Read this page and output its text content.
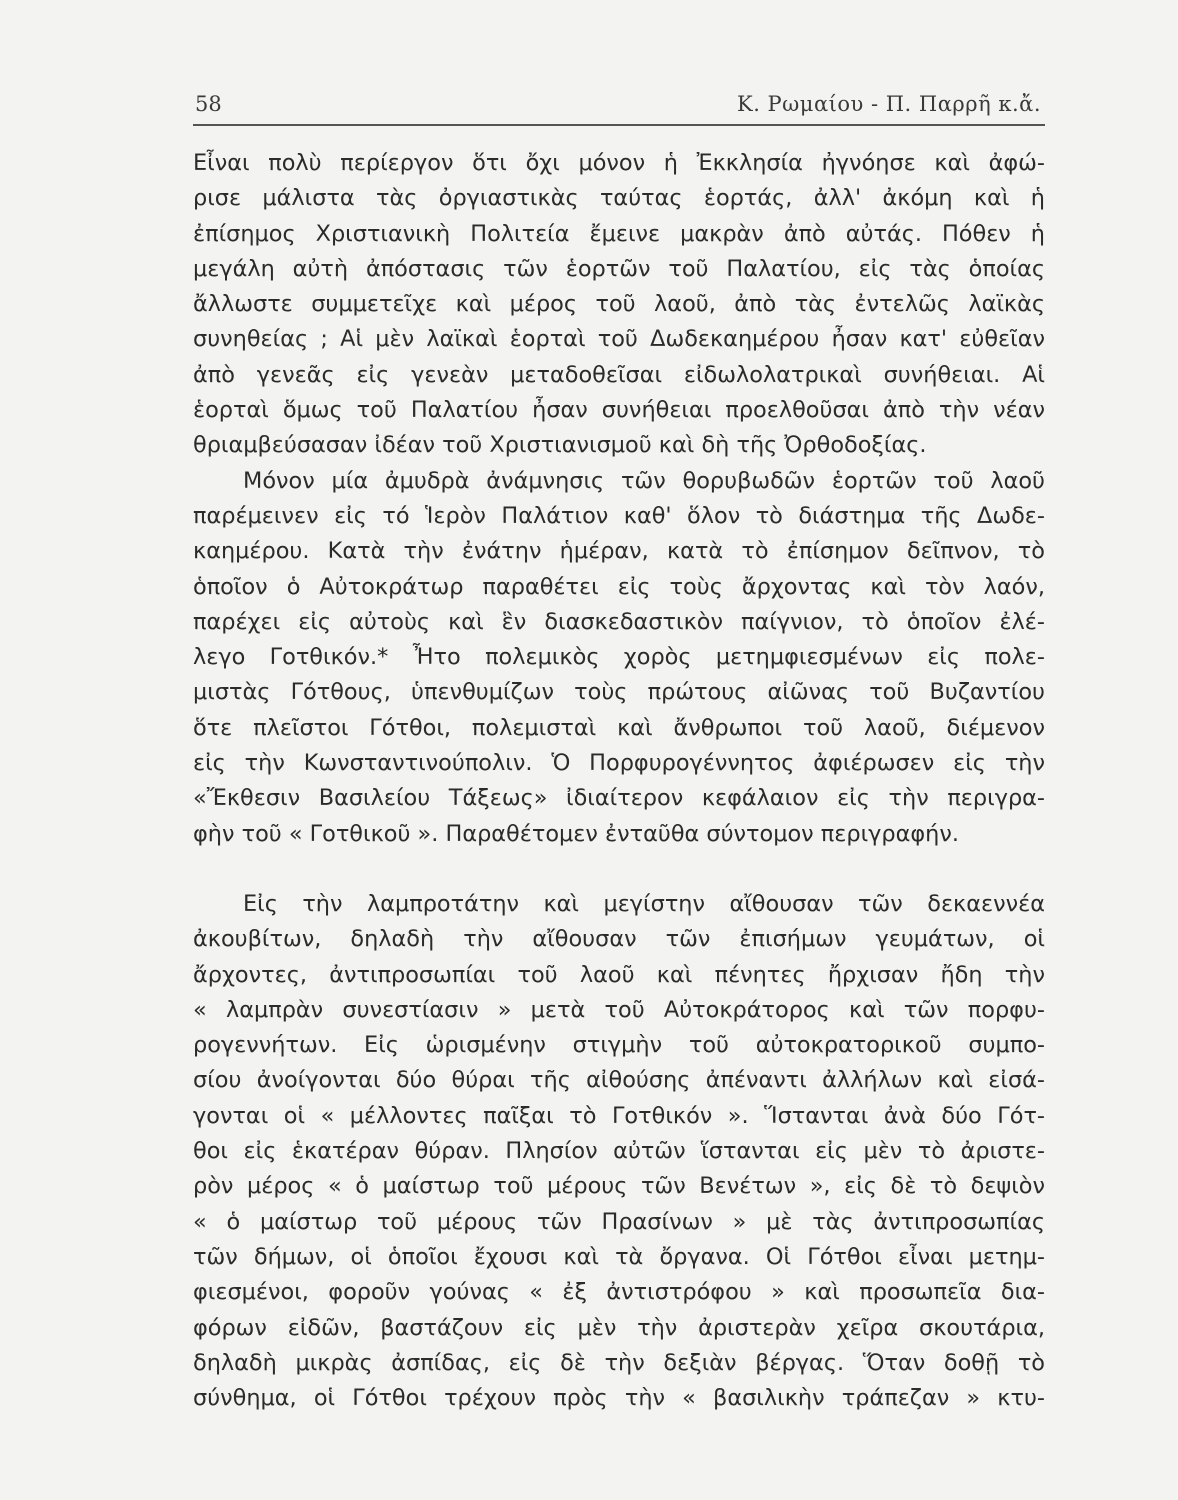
58	Κ. Ρωμαίου - Π. Παρρῆ κ.ἄ.
Εἶναι πολὺ περίεργον ὅτι ὄχι μόνον ἡ Ἐκκλησία ἠγνόησε καὶ ἀφώ-
ρισε μάλιστα τὰς ὀργιαστικὰς ταύτας ἑορτάς, ἀλλ' ἀκόμη καὶ ἡ
ἐπίσημος Χριστιανικὴ Πολιτεία ἔμεινε μακρὰν ἀπὸ αὐτάς. Πόθεν ἡ
μεγάλη αὐτὴ ἀπόστασις τῶν ἑορτῶν τοῦ Παλατίου, εἰς τὰς ὁποίας
ἄλλωστε συμμετεῖχε καὶ μέρος τοῦ λαοῦ, ἀπὸ τὰς ἐντελῶς λαϊκὰς
συνηθείας ; Αἱ μὲν λαϊκαὶ ἑορταὶ τοῦ Δωδεκαημέρου ἦσαν κατ' εὐθεῖαν
ἀπὸ γενεᾶς εἰς γενεὰν μεταδοθεῖσαι εἰδωλολατρικαὶ συνήθειαι. Αἱ
ἑορταὶ ὅμως τοῦ Παλατίου ἦσαν συνήθειαι προελθοῦσαι ἀπὸ τὴν νέαν
θριαμβεύσασαν ἰδέαν τοῦ Χριστιανισμοῦ καὶ δὴ τῆς Ὀρθοδοξίας.
Μόνον μία ἀμυδρὰ ἀνάμνησις τῶν θορυβωδῶν ἑορτῶν τοῦ λαοῦ
παρέμεινεν εἰς τό Ἱερὸν Παλάτιον καθ' ὅλον τὸ διάστημα τῆς Δωδε-
καημέρου. Κατὰ τὴν ἐνάτην ἡμέραν, κατὰ τὸ ἐπίσημον δεῖπνον, τὸ
ὁποῖον ὁ Αὐτοκράτωρ παραθέτει εἰς τοὺς ἄρχοντας καὶ τὸν λαόν,
παρέχει εἰς αὐτοὺς καὶ ἓν διασκεδαστικὸν παίγνιον, τὸ ὁποῖον ἐλέ-
λεγο Γοτθικόν.* Ἦτο πολεμικὸς χορὸς μετημφιεσμένων εἰς πολε-
μιστὰς Γότθους, ὑπενθυμίζων τοὺς πρώτους αἰῶνας τοῦ Βυζαντίου
ὅτε πλεῖστοι Γότθοι, πολεμισταὶ καὶ ἄνθρωποι τοῦ λαοῦ, διέμενον
εἰς τὴν Κωνσταντινούπολιν. Ὁ Πορφυρογέννητος ἀφιέρωσεν εἰς τὴν
«Ἔκθεσιν Βασιλείου Τάξεως» ἰδιαίτερον κεφάλαιον εἰς τὴν περιγρα-
φὴν τοῦ « Γοτθικοῦ ». Παραθέτομεν ἐνταῦθα σύντομον περιγραφήν.
Εἰς τὴν λαμπροτάτην καὶ μεγίστην αἴθουσαν τῶν δεκαεννέα
ἀκουβίτων, δηλαδὴ τὴν αἴθουσαν τῶν ἐπισήμων γευμάτων, οἱ
ἄρχοντες, ἀντιπροσωπίαι τοῦ λαοῦ καὶ πένητες ἤρχισαν ἤδη τὴν
« λαμπρὰν συνεστίασιν » μετὰ τοῦ Αὐτοκράτορος καὶ τῶν πορφυ-
ρογεννήτων. Εἰς ὡρισμένην στιγμὴν τοῦ αὐτοκρατορικοῦ συμπο-
σίου ἀνοίγονται δύο θύραι τῆς αἰθούσης ἀπέναντι ἀλλήλων καὶ εἰσά-
γονται οἱ « μέλλοντες παῖξαι τὸ Γοτθικόν ». Ἵστανται ἀνὰ δύο Γότ-
θοι εἰς ἑκατέραν θύραν. Πλησίον αὐτῶν ἵστανται εἰς μὲν τὸ ἀριστε-
ρὸν μέρος « ὁ μαίστωρ τοῦ μέρους τῶν Βενέτων », εἰς δὲ τὸ δεψιὸν
« ὁ μαίστωρ τοῦ μέρους τῶν Πρασίνων » μὲ τὰς ἀντιπροσωπίας
τῶν δήμων, οἱ ὁποῖοι ἔχουσι καὶ τὰ ὄργανα. Οἱ Γότθοι εἶναι μετημ-
φιεσμένοι, φοροῦν γούνας « ἐξ ἀντιστρόφου » καὶ προσωπεῖα δια-
φόρων εἰδῶν, βαστάζουν εἰς μὲν τὴν ἀριστερὰν χεῖρα σκουτάρια,
δηλαδὴ μικρὰς ἀσπίδας, εἰς δὲ τὴν δεξιὰν βέργας. Ὅταν δοθῇ τὸ
σύνθημα, οἱ Γότθοι τρέχουν πρὸς τὴν « βασιλικὴν τράπεζαν » κτυ-
